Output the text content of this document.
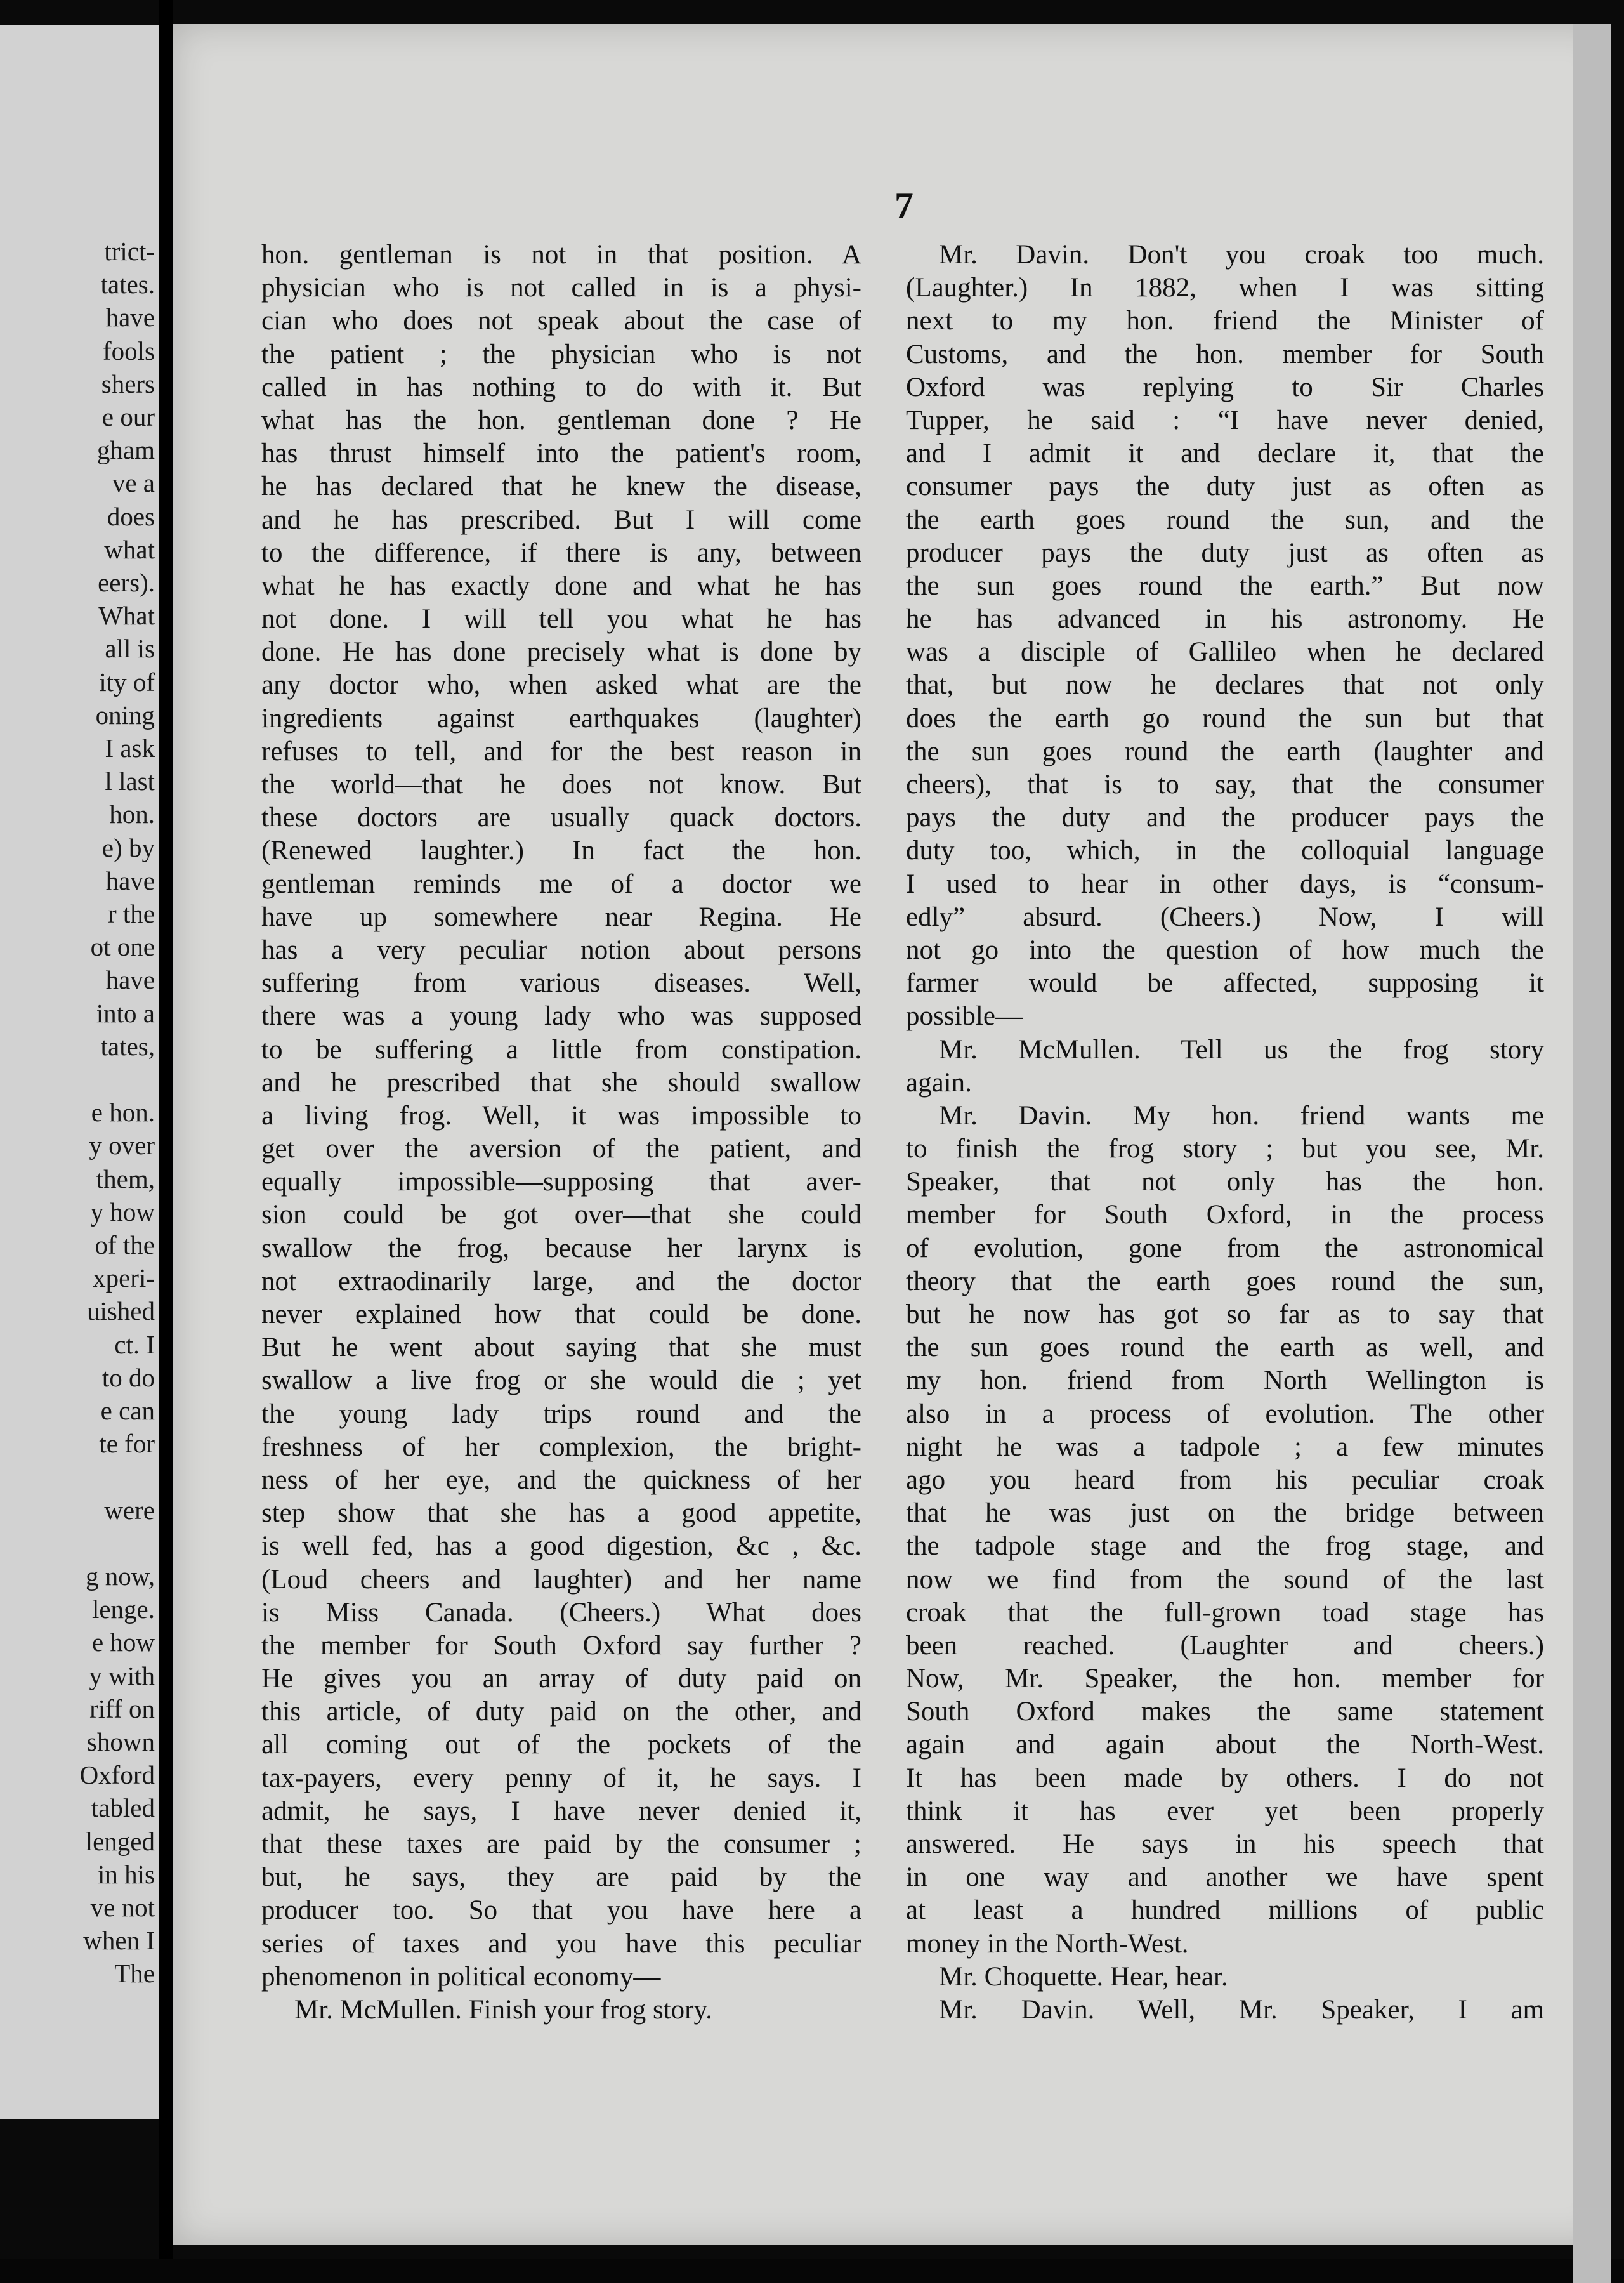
trict-
tates.
have
fools
shers
e our
gham
ve a
does
what
eers).
What
all is
ity of
oning
I ask
l last
hon.
e) by
have
r the
ot one
have
into a
tates,
e hon.
y over
them,
y how
of the
xperi-
uished
ct. I
to do
e can
te for
were
g now,
lenge.
e how
y with
riff on
shown
Oxford
tabled
lenged
in his
ve not
when I
The
7
hon. gentleman is not in that position. A
physician who is not called in is a physi-
cian who does not speak about the case of
the patient ; the physician who is not
called in has nothing to do with it. But
what has the hon. gentleman done ? He
has thrust himself into the patient's room,
he has declared that he knew the disease,
and he has prescribed. But I will come
to the difference, if there is any, between
what he has exactly done and what he has
not done. I will tell you what he has
done. He has done precisely what is done by
any doctor who, when asked what are the
ingredients against earthquakes (laughter)
refuses to tell, and for the best reason in
the world—that he does not know. But
these doctors are usually quack doctors.
(Renewed laughter.) In fact the hon.
gentleman reminds me of a doctor we
have up somewhere near Regina. He
has a very peculiar notion about persons
suffering from various diseases. Well,
there was a young lady who was supposed
to be suffering a little from constipation.
and he prescribed that she should swallow
a living frog. Well, it was impossible to
get over the aversion of the patient, and
equally impossible—supposing that aver-
sion could be got over—that she could
swallow the frog, because her larynx is
not extraodinarily large, and the doctor
never explained how that could be done.
But he went about saying that she must
swallow a live frog or she would die ; yet
the young lady trips round and the
freshness of her complexion, the bright-
ness of her eye, and the quickness of her
step show that she has a good appetite,
is well fed, has a good digestion, &c , &c.
(Loud cheers and laughter) and her name
is Miss Canada. (Cheers.) What does
the member for South Oxford say further ?
He gives you an array of duty paid on
this article, of duty paid on the other, and
all coming out of the pockets of the
tax-payers, every penny of it, he says. I
admit, he says, I have never denied it,
that these taxes are paid by the consumer ;
but, he says, they are paid by the
producer too. So that you have here a
series of taxes and you have this peculiar
phenomenon in political economy—
Mr. McMullen. Finish your frog story.
Mr. Davin. Don't you croak too much.
(Laughter.) In 1882, when I was sitting
next to my hon. friend the Minister of
Customs, and the hon. member for South
Oxford was replying to Sir Charles
Tupper, he said : “I have never denied,
and I admit it and declare it, that the
consumer pays the duty just as often as
the earth goes round the sun, and the
producer pays the duty just as often as
the sun goes round the earth.” But now
he has advanced in his astronomy. He
was a disciple of Gallileo when he declared
that, but now he declares that not only
does the earth go round the sun but that
the sun goes round the earth (laughter and
cheers), that is to say, that the consumer
pays the duty and the producer pays the
duty too, which, in the colloquial language
I used to hear in other days, is “consum-
edly” absurd. (Cheers.) Now, I will
not go into the question of how much the
farmer would be affected, supposing it
possible—
Mr. McMullen. Tell us the frog story
again.
Mr. Davin. My hon. friend wants me
to finish the frog story ; but you see, Mr.
Speaker, that not only has the hon.
member for South Oxford, in the process
of evolution, gone from the astronomical
theory that the earth goes round the sun,
but he now has got so far as to say that
the sun goes round the earth as well, and
my hon. friend from North Wellington is
also in a process of evolution. The other
night he was a tadpole ; a few minutes
ago you heard from his peculiar croak
that he was just on the bridge between
the tadpole stage and the frog stage, and
now we find from the sound of the last
croak that the full-grown toad stage has
been reached. (Laughter and cheers.)
Now, Mr. Speaker, the hon. member for
South Oxford makes the same statement
again and again about the North-West.
It has been made by others. I do not
think it has ever yet been properly
answered. He says in his speech that
in one way and another we have spent
at least a hundred millions of public
money in the North-West.
Mr. Choquette. Hear, hear.
Mr. Davin. Well, Mr. Speaker, I am
